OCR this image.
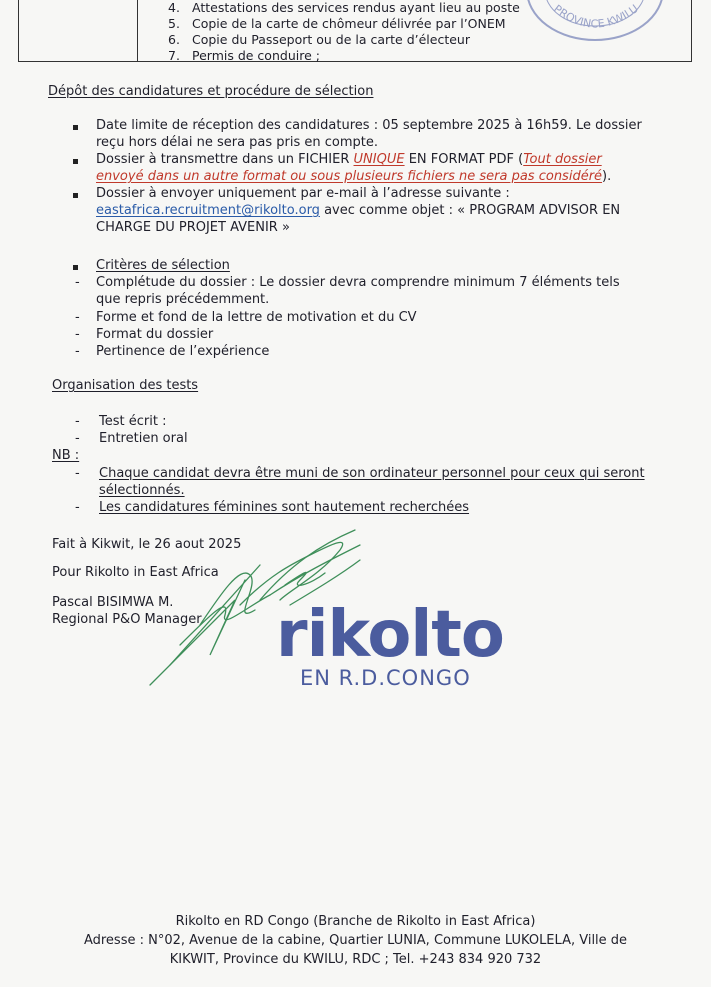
4. Attestations des services rendus ayant lieu au poste
5. Copie de la carte de chômeur délivrée par l’ONEM
6. Copie du Passeport ou de la carte d’électeur
7. Permis de conduire ;
PROVINCE KWILU
Dépôt des candidatures et procédure de sélection
Date limite de réception des candidatures : 05 septembre 2025 à 16h59. Le dossier
reçu hors délai ne sera pas pris en compte.
Dossier à transmettre dans un FICHIER UNIQUE EN FORMAT PDF (Tout dossier
envoyé dans un autre format ou sous plusieurs fichiers ne sera pas considéré).
Dossier à envoyer uniquement par e-mail à l’adresse suivante :
eastafrica.recruitment@rikolto.org avec comme objet : « PROGRAM ADVISOR EN
CHARGE DU PROJET AVENIR »
Critères de sélection
- Complétude du dossier : Le dossier devra comprendre minimum 7 éléments tels
que repris précédemment.
- Forme et fond de la lettre de motivation et du CV
- Format du dossier
- Pertinence de l’expérience
Organisation des tests
- Test écrit :
- Entretien oral
NB :
- Chaque candidat devra être muni de son ordinateur personnel pour ceux qui seront
sélectionnés.
- Les candidatures féminines sont hautement recherchées
Fait à Kikwit, le 26 aout 2025
Pour Rikolto in East Africa
Pascal BISIMWA M.
Regional P&O Manager rikolto
EN R.D.CONGO
Rikolto en RD Congo (Branche de Rikolto in East Africa)
Adresse : N°02, Avenue de la cabine, Quartier LUNIA, Commune LUKOLELA, Ville de
KIKWIT, Province du KWILU, RDC ; Tel. +243 834 920 732
